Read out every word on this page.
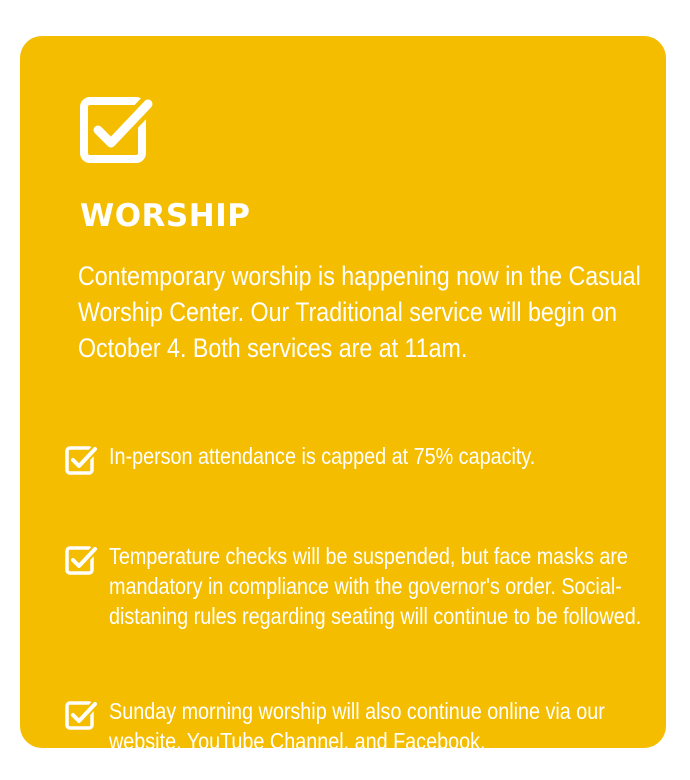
WORSHIP

Contemporary worship is happening now in the Casual Worship Center. Our Traditional service will begin on October 4. Both services are at 11am.

In-person attendance is capped at 75% capacity.

Temperature checks will be suspended, but face masks are mandatory in compliance with the governor's order. Social-distaning rules regarding seating will continue to be followed.

Sunday morning worship will also continue online via our website, YouTube Channel, and Facebook.
